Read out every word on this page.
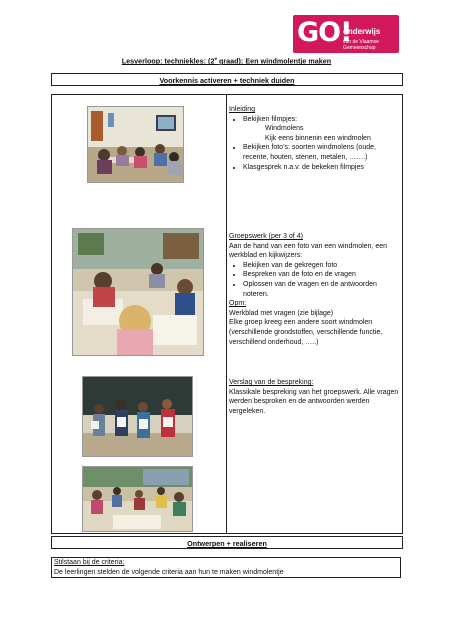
GO!
onderwijs
van de Vlaamse Gemeenschap
Lesverloop: techniekles: (2e graad): Een windmolentje maken
Voorkennis activeren + techniek duiden
Inleiding
• Bekijken filmpjes:
Windmolens
Kijk eens binnenin een windmolen
• Bekijken foto’s: soorten windmolens (oude, recente, houten, stenen, metalen, …….)
• Klasgesprek n.a.v. de bekeken filmpjes
Groepswerk (per 3 of 4)
Aan de hand van een foto van een windmolen, een werkblad en kijkwijzers:
• Bekijken van de gekregen foto
• Bespreken van de foto en de vragen
• Oplossen van de vragen en de antwoorden noteren.
Opm:
Werkblad met vragen (zie bijlage)
Elke groep kreeg een andere soort windmolen (verschillende grondstoffen, verschillende functie, verschillend onderhoud, …..)
Verslag van de bespreking:
Klassikale bespreking van het groepswerk. Alle vragen werden besproken en de antwoorden werden vergeleken.
Ontwerpen + realiseren
Stilstaan bij de criteria:
De leerlingen stelden de volgende criteria aan hun te maken windmolentje
